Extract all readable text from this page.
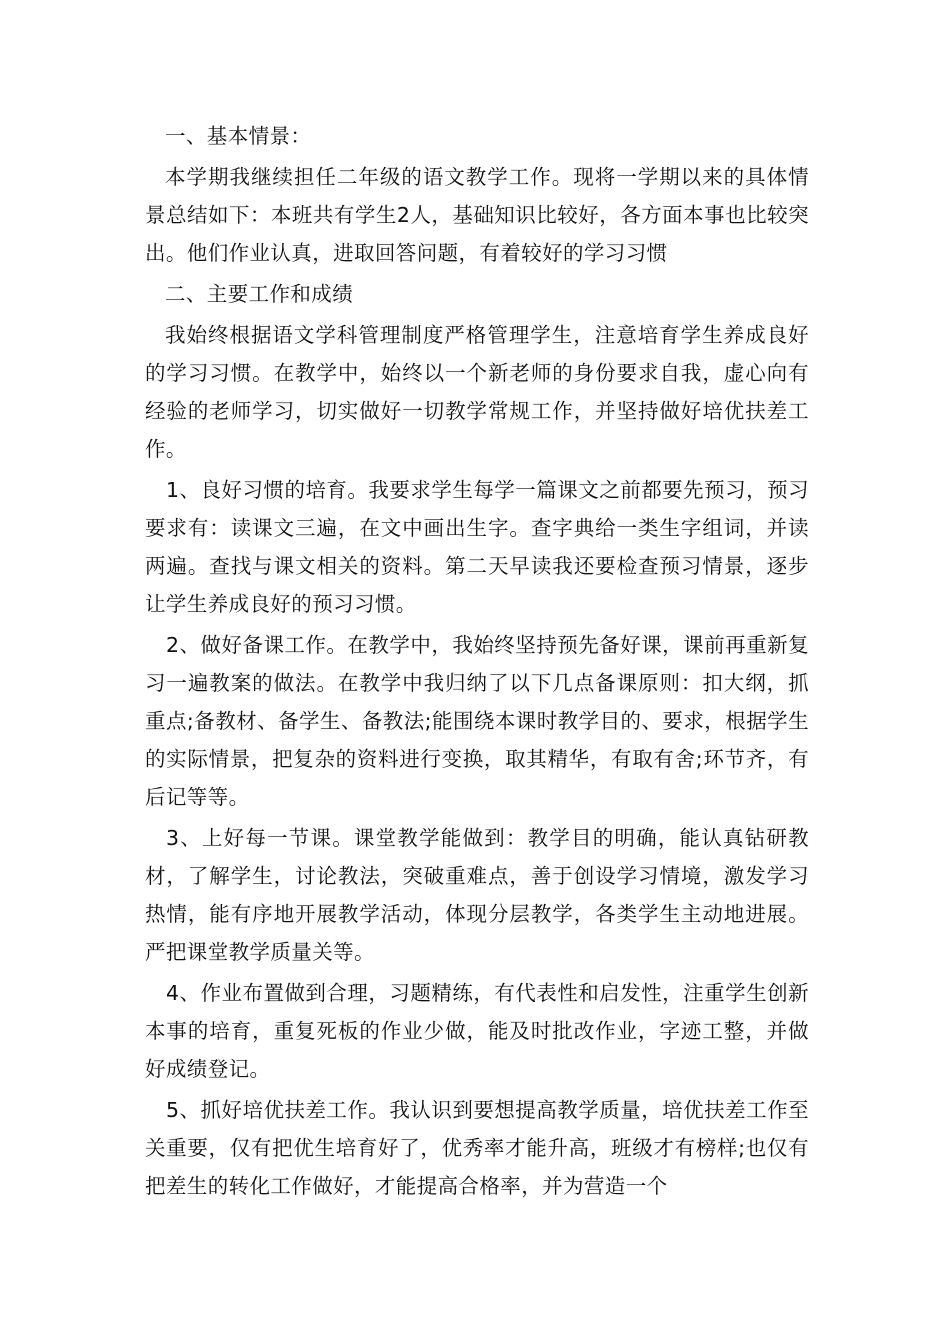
一、基本情景：

本学期我继续担任二年级的语文教学工作。现将一学期以来的具体情景总结如下：本班共有学生2人，基础知识比较好，各方面本事也比较突出。他们作业认真，进取回答问题，有着较好的学习习惯

二、主要工作和成绩

我始终根据语文学科管理制度严格管理学生，注意培育学生养成良好的学习习惯。在教学中，始终以一个新老师的身份要求自我，虚心向有经验的老师学习，切实做好一切教学常规工作，并坚持做好培优扶差工作。

1、良好习惯的培育。我要求学生每学一篇课文之前都要先预习，预习要求有：读课文三遍，在文中画出生字。查字典给一类生字组词，并读两遍。查找与课文相关的资料。第二天早读我还要检查预习情景，逐步让学生养成良好的预习习惯。

2、做好备课工作。在教学中，我始终坚持预先备好课，课前再重新复习一遍教案的做法。在教学中我归纳了以下几点备课原则：扣大纲，抓重点;备教材、备学生、备教法;能围绕本课时教学目的、要求，根据学生的实际情景，把复杂的资料进行变换，取其精华，有取有舍;环节齐，有后记等等。

3、上好每一节课。课堂教学能做到：教学目的明确，能认真钻研教材，了解学生，讨论教法，突破重难点，善于创设学习情境，激发学习热情，能有序地开展教学活动，体现分层教学，各类学生主动地进展。严把课堂教学质量关等。

4、作业布置做到合理，习题精练，有代表性和启发性，注重学生创新本事的培育，重复死板的作业少做，能及时批改作业，字迹工整，并做好成绩登记。

5、抓好培优扶差工作。我认识到要想提高教学质量，培优扶差工作至关重要，仅有把优生培育好了，优秀率才能升高，班级才有榜样;也仅有把差生的转化工作做好，才能提高合格率，并为营造一个
